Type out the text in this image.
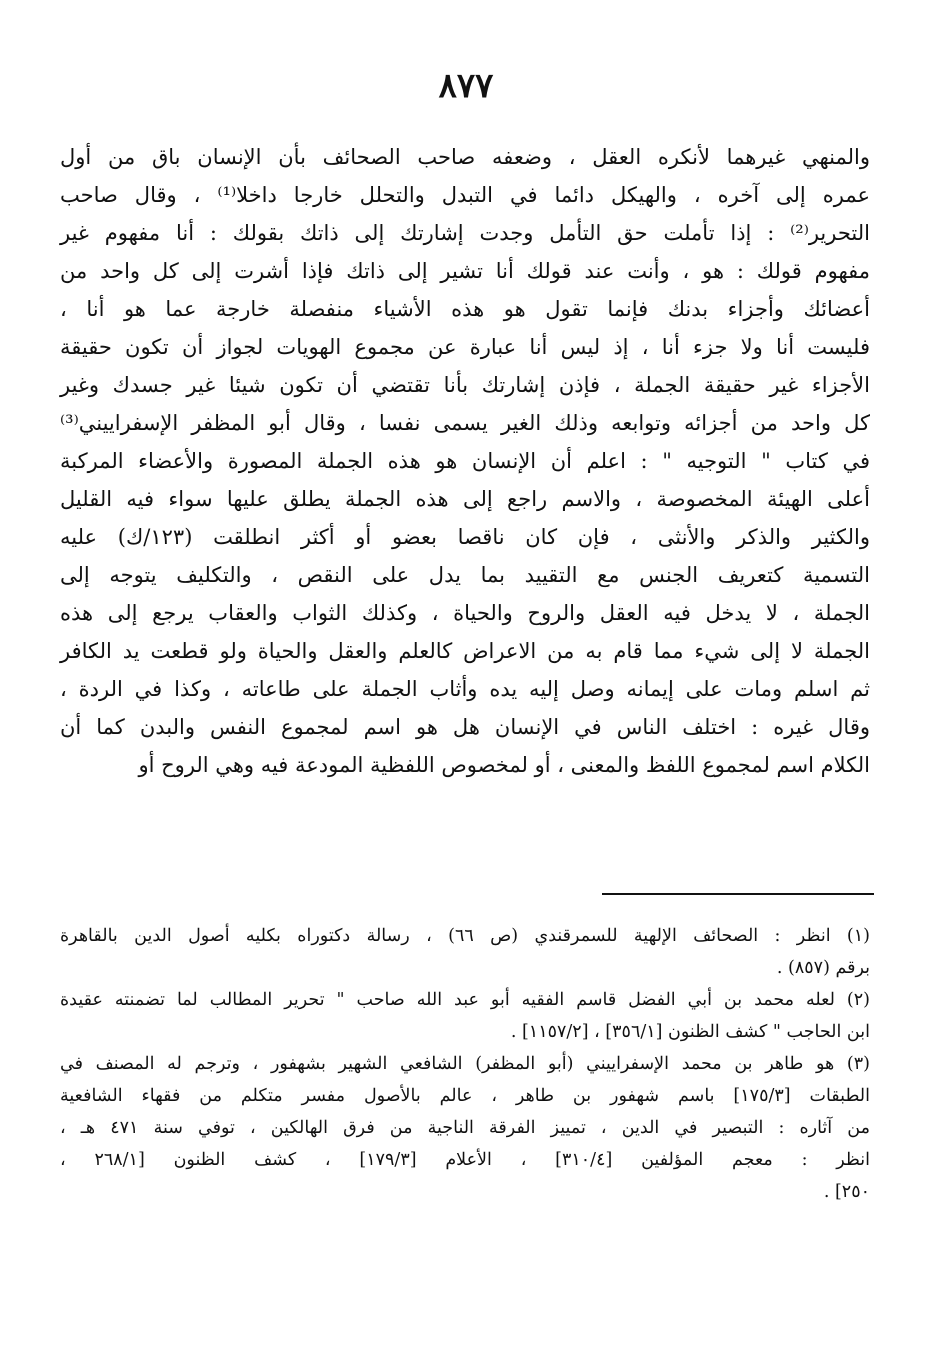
٨٧٧
والمنهي غيرهما لأنكره العقل ، وضعفه صاحب الصحائف بأن الإنسان باق من أول
عمره إلى آخره ، والهيكل دائما في التبدل والتحلل خارجا داخلا⁽¹⁾ ، وقال صاحب
التحرير⁽²⁾ : إذا تأملت حق التأمل وجدت إشارتك إلى ذاتك بقولك : أنا مفهوم غير
مفهوم قولك : هو ، وأنت عند قولك أنا تشير إلى ذاتك فإذا أشرت إلى كل واحد من
أعضائك وأجزاء بدنك فإنما تقول هو هذه الأشياء منفصلة خارجة عما هو أنا ،
فليست أنا ولا جزء أنا ، إذ ليس أنا عبارة عن مجموع الهويات لجواز أن تكون حقيقة
الأجزاء غير حقيقة الجملة ، فإذن إشارتك بأنا تقتضي أن تكون شيئا غير جسدك وغير
كل واحد من أجزائه وتوابعه وذلك الغير يسمى نفسا ، وقال أبو المظفر الإسفراييني⁽³⁾
في كتاب " التوجيه " : اعلم أن الإنسان هو هذه الجملة المصورة والأعضاء المركبة
أعلى الهيئة المخصوصة ، والاسم راجع إلى هذه الجملة يطلق عليها سواء فيه القليل
والكثير والذكر والأنثى ، فإن كان ناقصا بعضو أو أكثر انطلقت (١٢٣/ك) عليه
التسمية كتعريف الجنس مع التقييد بما يدل على النقص ، والتكليف يتوجه إلى
الجملة ، لا يدخل فيه العقل والروح والحياة ، وكذلك الثواب والعقاب يرجع إلى هذه
الجملة لا إلى شيء مما قام به من الاعراض كالعلم والعقل والحياة ولو قطعت يد الكافر
ثم اسلم ومات على إيمانه وصل إليه يده وأثاب الجملة على طاعاته ، وكذا في الردة ،
وقال غيره : اختلف الناس في الإنسان هل هو اسم لمجموع النفس والبدن كما أن
الكلام اسم لمجموع اللفظ والمعنى ، أو لمخصوص اللفظية المودعة فيه وهي الروح أو
(١) انظر : الصحائف الإلهية للسمرقندي (ص ٦٦) ، رسالة دكتوراه بكليه أصول الدين بالقاهرة
برقم (٨٥٧) .
(٢) لعله محمد بن أبي الفضل قاسم الفقيه أبو عبد الله صاحب " تحرير المطالب لما تضمنته عقيدة
ابن الحاجب " كشف الظنون [٣٥٦/١] ، [١١٥٧/٢] .
(٣) هو طاهر بن محمد الإسفراييني (أبو المظفر) الشافعي الشهير بشهفور ، وترجم له المصنف في
الطبقات [١٧٥/٣] باسم شهفور بن طاهر ، عالم بالأصول مفسر متكلم من فقهاء الشافعية
من آثاره : التبصير في الدين ، تمييز الفرقة الناجية من فرق الهالكين ، توفي سنة ٤٧١ هـ ،
انظر : معجم المؤلفين [٣١٠/٤] ، الأعلام [١٧٩/٣] ، كشف الظنون [٢٦٨/١ ،
٢٥٠] .
